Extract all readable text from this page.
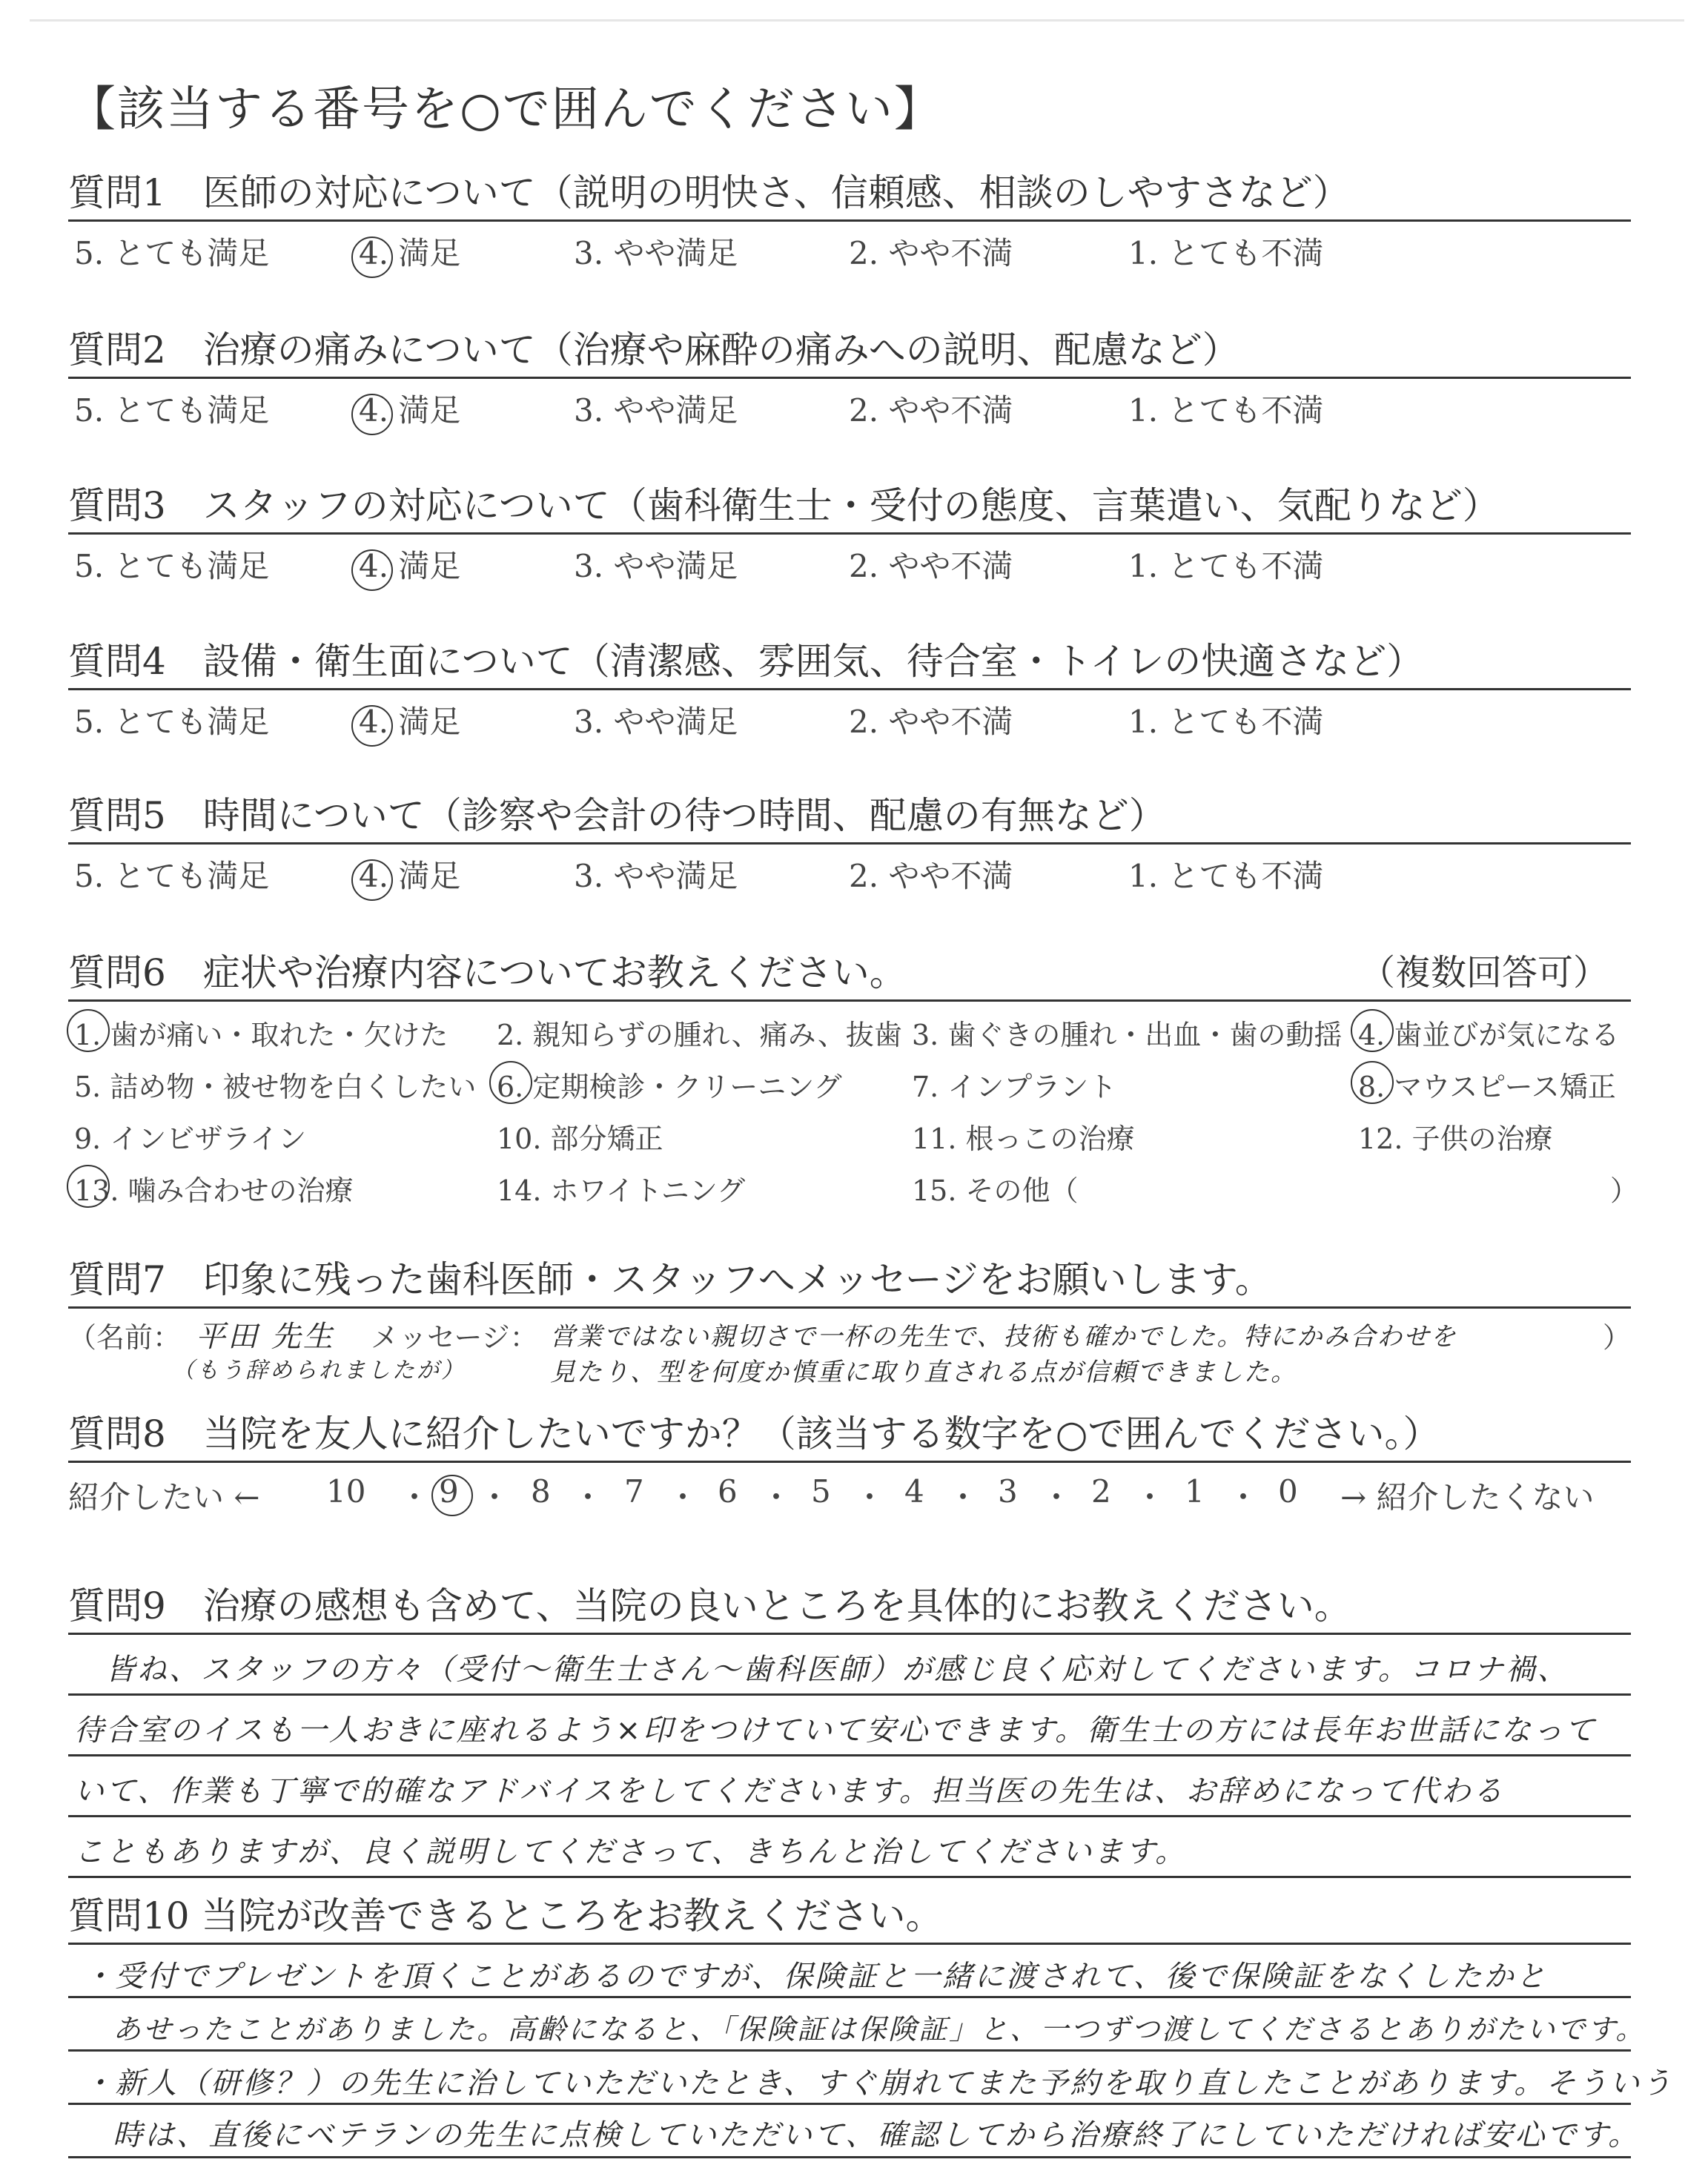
【該当する番号を○で囲んでください】
質問1　医師の対応について（説明の明快さ、信頼感、相談のしやすさなど）
5. とても満足	4. 満足	3. やや満足	2. やや不満	1. とても不満
質問2　治療の痛みについて（治療や麻酔の痛みへの説明、配慮など）
5. とても満足	4. 満足	3. やや満足	2. やや不満	1. とても不満
質問3　スタッフの対応について（歯科衛生士・受付の態度、言葉遣い、気配りなど）
5. とても満足	4. 満足	3. やや満足	2. やや不満	1. とても不満
質問4　設備・衛生面について（清潔感、雰囲気、待合室・トイレの快適さなど）
5. とても満足	4. 満足	3. やや満足	2. やや不満	1. とても不満
質問5　時間について（診察や会計の待つ時間、配慮の有無など）
5. とても満足	4. 満足	3. やや満足	2. やや不満	1. とても不満
質問6　症状や治療内容についてお教えください。	（複数回答可）
1. 歯が痛い・取れた・欠けた 2. 親知らずの腫れ、痛み、抜歯 3. 歯ぐきの腫れ・出血・歯の動揺 4. 歯並びが気になる
5. 詰め物・被せ物を白くしたい 6. 定期検診・クリーニング 7. インプラント	8. マウスピース矯正
9. インビザライン	10. 部分矯正	11. 根っこの治療	12. 子供の治療
13. 噛み合わせの治療	14. ホワイトニング	15. その他（	）
質問7　印象に残った歯科医師・スタッフへメッセージをお願いします。
（名前： 平田 先生
（もう辞められましたが）
メッセージ： 営業ではない親切さで一杯の先生で、技術も確かでした。特にかみ合わせを
見たり、型を何度か慎重に取り直される点が信頼できました。
）
質問8　当院を友人に紹介したいですか？（該当する数字を○で囲んでください。）
紹介したい ← 10 ・ 9 ・ 8 ・ 7 ・ 6 ・ 5 ・ 4 ・ 3 ・ 2 ・ 1 ・ 0 → 紹介したくない
質問9　治療の感想も含めて、当院の良いところを具体的にお教えください。
皆ね、スタッフの方々（受付〜衛生士さん〜歯科医師）が感じ良く応対してくださいます。コロナ禍、
待合室のイスも一人おきに座れるよう×印をつけていて安心できます。衛生士の方には長年お世話になって
いて、作業も丁寧で的確なアドバイスをしてくださいます。担当医の先生は、お辞めになって代わる
こともありますが、良く説明してくださって、きちんと治してくださいます。
質問10 当院が改善できるところをお教えください。
・受付でプレゼントを頂くことがあるのですが、保険証と一緒に渡されて、後で保険証をなくしたかと
あせったことがありました。高齢になると、「保険証は保険証」と、一つずつ渡してくださるとありがたいです。
・新人（研修？）の先生に治していただいたとき、すぐ崩れてまた予約を取り直したことがあります。そういう
時は、直後にベテランの先生に点検していただいて、確認してから治療終了にしていただければ安心です。
